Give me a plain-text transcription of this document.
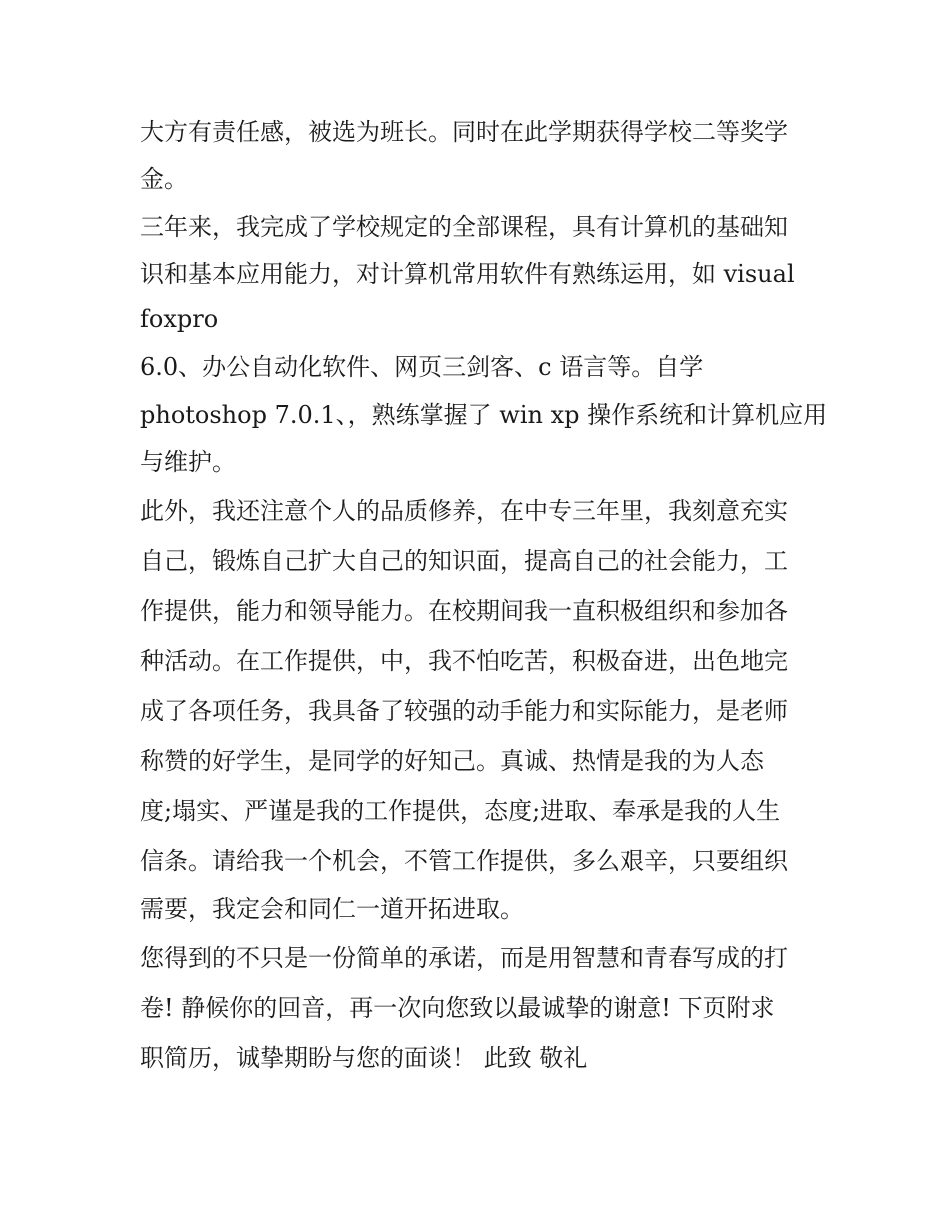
大方有责任感，被选为班长。同时在此学期获得学校二等奖学
金。
三年来，我完成了学校规定的全部课程，具有计算机的基础知
识和基本应用能力，对计算机常用软件有熟练运用，如 visual
foxpro
6.0、办公自动化软件、网页三剑客、c 语言等。自学
photoshop 7.0.1、，熟练掌握了 win xp 操作系统和计算机应用
与维护。
此外，我还注意个人的品质修养，在中专三年里，我刻意充实
自己，锻炼自己扩大自己的知识面，提高自己的社会能力，工
作提供，能力和领导能力。在校期间我一直积极组织和参加各
种活动。在工作提供，中，我不怕吃苦，积极奋进，出色地完
成了各项任务，我具备了较强的动手能力和实际能力，是老师
称赞的好学生，是同学的好知己。真诚、热情是我的为人态
度;塌实、严谨是我的工作提供，态度;进取、奉承是我的人生
信条。请给我一个机会，不管工作提供，多么艰辛，只要组织
需要，我定会和同仁一道开拓进取。
您得到的不只是一份简单的承诺，而是用智慧和青春写成的打
卷! 静候你的回音，再一次向您致以最诚挚的谢意! 下页附求
职简历，诚挚期盼与您的面谈！ 此致 敬礼
